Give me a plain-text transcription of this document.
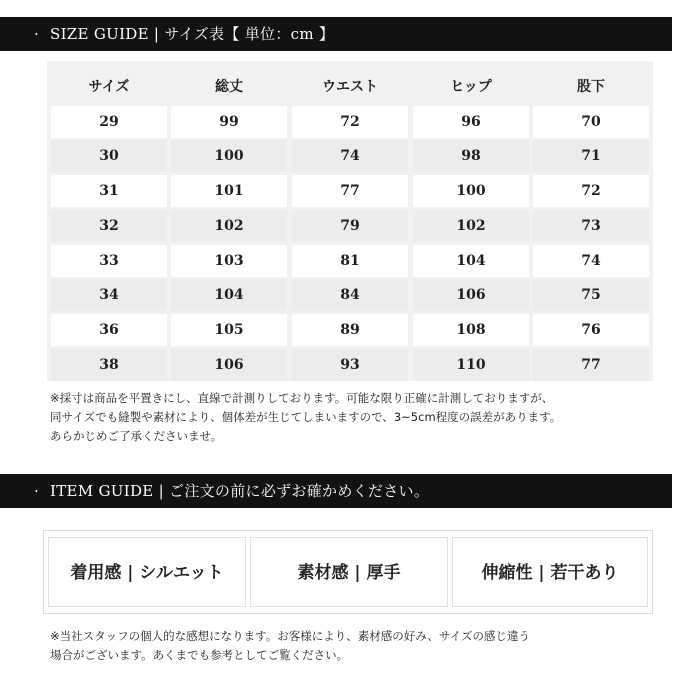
· SIZE GUIDE | サイズ表【 単位：cm 】
サイズ	総丈	ウエスト	ヒップ	股下
29	99	72	96	70
30	100	74	98	71
31	101	77	100	72
32	102	79	102	73
33	103	81	104	74
34	104	84	106	75
36	105	89	108	76
38	106	93	110	77
※採寸は商品を平置きにし、直線で計測りしております。可能な限り正確に計測しておりますが、
同サイズでも縫製や素材により、個体差が生じてしまいますので、3~5cm程度の誤差があります。
あらかじめご了承くださいませ。
· ITEM GUIDE | ご注文の前に必ずお確かめください。
着用感 | シルエット	素材感 | 厚手	伸縮性 | 若干あり
※当社スタッフの個人的な感想になります。お客様により、素材感の好み、サイズの感じ違う
場合がございます。あくまでも参考としてご覧ください。
